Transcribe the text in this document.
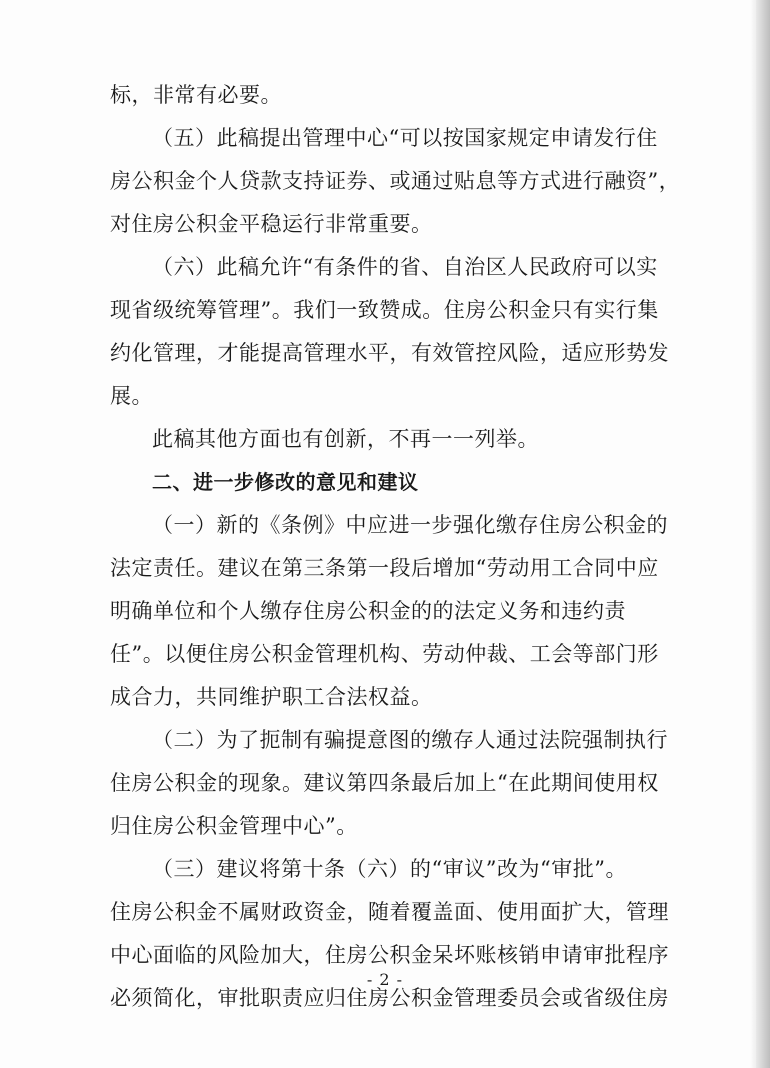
标，非常有必要。
（五）此稿提出管理中心“可以按国家规定申请发行住
房公积金个人贷款支持证券、或通过贴息等方式进行融资”，
对住房公积金平稳运行非常重要。
（六）此稿允许“有条件的省、自治区人民政府可以实
现省级统筹管理”。我们一致赞成。住房公积金只有实行集
约化管理，才能提高管理水平，有效管控风险，适应形势发
展。
此稿其他方面也有创新，不再一一列举。
二、进一步修改的意见和建议
（一）新的《条例》中应进一步强化缴存住房公积金的
法定责任。建议在第三条第一段后增加“劳动用工合同中应
明确单位和个人缴存住房公积金的的法定义务和违约责
任”。以便住房公积金管理机构、劳动仲裁、工会等部门形
成合力，共同维护职工合法权益。
（二）为了扼制有骗提意图的缴存人通过法院强制执行
住房公积金的现象。建议第四条最后加上“在此期间使用权
归住房公积金管理中心”。
（三）建议将第十条（六）的“审议”改为“审批”。
住房公积金不属财政资金，随着覆盖面、使用面扩大，管理
中心面临的风险加大，住房公积金呆坏账核销申请审批程序
必须简化，审批职责应归住房公积金管理委员会或省级住房
- 2 -
